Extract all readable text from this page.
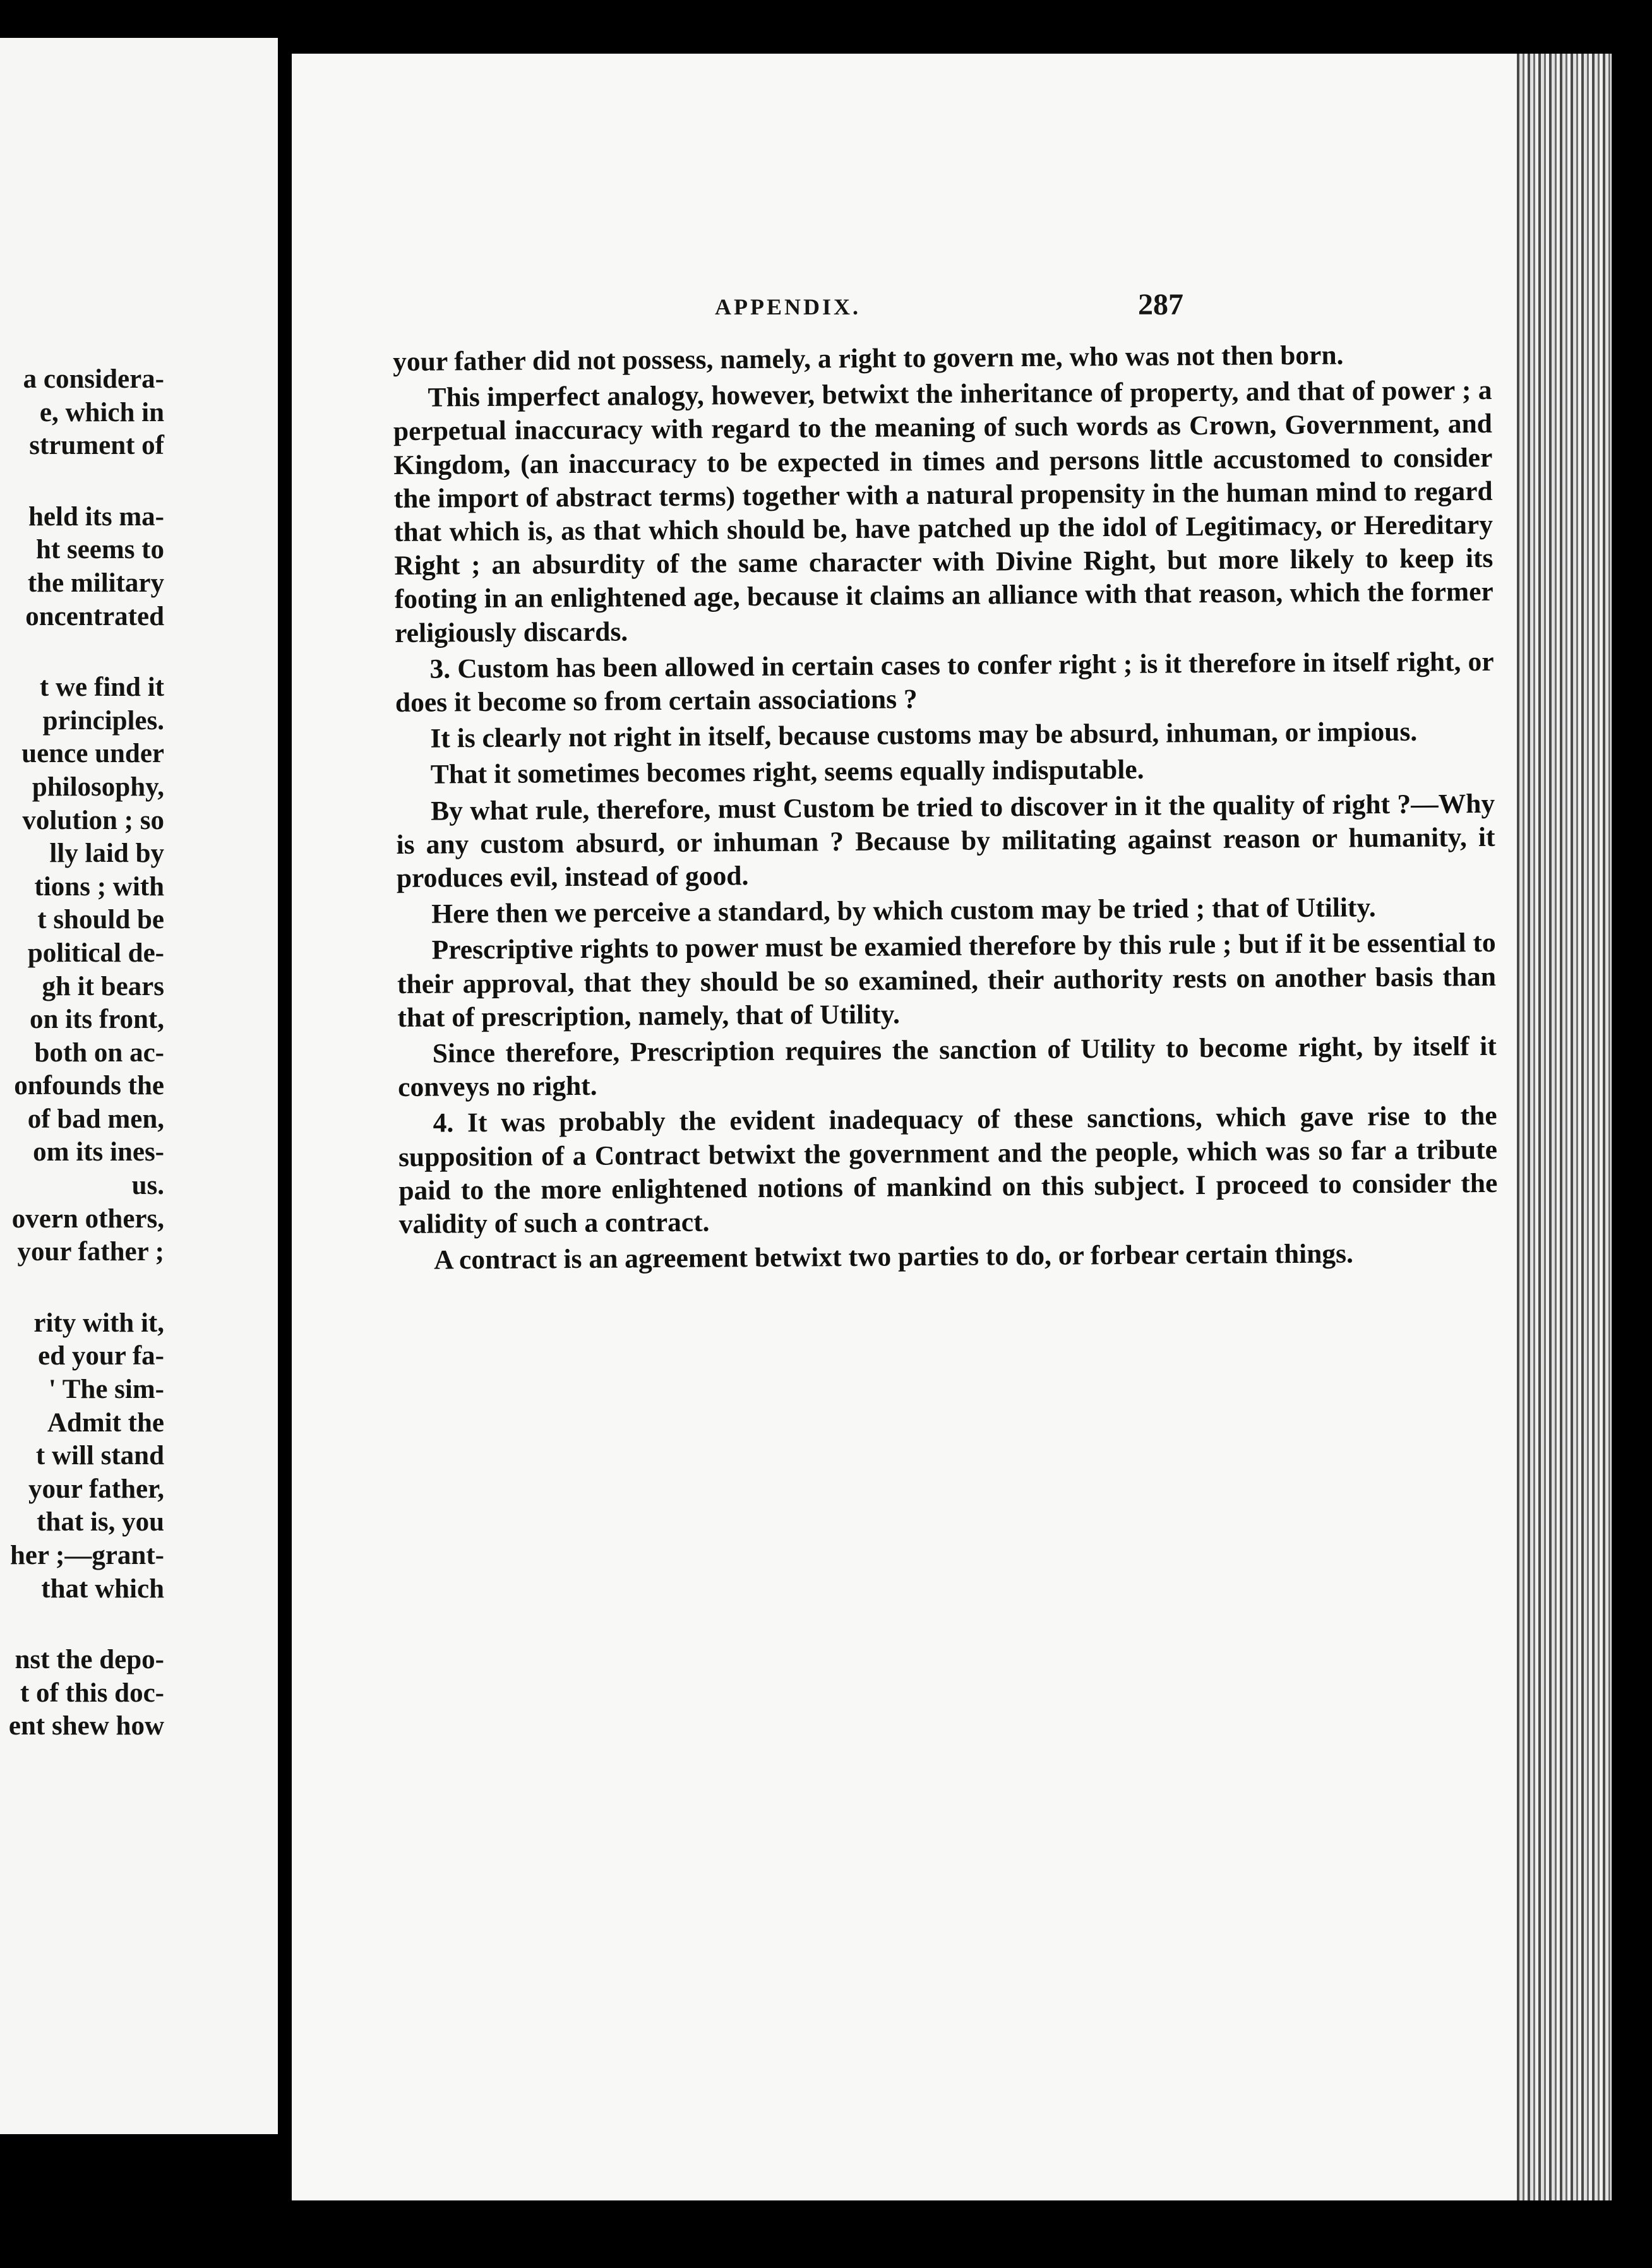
a considera-
e, which in
strument of
held its ma-
ht seems to
the military
oncentrated
t we find it
principles.
uence under
philosophy,
volution ; so
lly laid by
tions ; with
t should be
political de-
gh it bears
on its front,
both on ac-
onfounds the
of bad men,
om its ines-
us.
overn others,
your father ;
rity with it,
ed your fa-
' The sim-
Admit the
t will stand
your father,
that is, you
her ;—grant-
that which
nst the depo-
t of this doc-
ent shew how
APPENDIX.	287

your father did not possess, namely, a right to govern me, who was not then born.

This imperfect analogy, however, betwixt the inheritance of property, and that of power ; a perpetual inaccuracy with regard to the meaning of such words as Crown, Government, and Kingdom, (an inaccuracy to be expected in times and persons little accustomed to consider the import of abstract terms) together with a natural propensity in the human mind to regard that which is, as that which should be, have patched up the idol of Legitimacy, or Hereditary Right ; an absurdity of the same character with Divine Right, but more likely to keep its footing in an enlightened age, because it claims an alliance with that reason, which the former religiously discards.

3. Custom has been allowed in certain cases to confer right ; is it therefore in itself right, or does it become so from certain associations ?

It is clearly not right in itself, because customs may be absurd, inhuman, or impious.

That it sometimes becomes right, seems equally indisputable.

By what rule, therefore, must Custom be tried to discover in it the quality of right ?—Why is any custom absurd, or inhuman ? Because by militating against reason or humanity, it produces evil, instead of good.

Here then we perceive a standard, by which custom may be tried ; that of Utility.

Prescriptive rights to power must be examied therefore by this rule ; but if it be essential to their approval, that they should be so examined, their authority rests on another basis than that of prescription, namely, that of Utility.

Since therefore, Prescription requires the sanction of Utility to become right, by itself it conveys no right.

4. It was probably the evident inadequacy of these sanctions, which gave rise to the supposition of a Contract betwixt the government and the people, which was so far a tribute paid to the more enlightened notions of mankind on this subject. I proceed to consider the validity of such a contract.

A contract is an agreement betwixt two parties to do, or forbear certain things.
